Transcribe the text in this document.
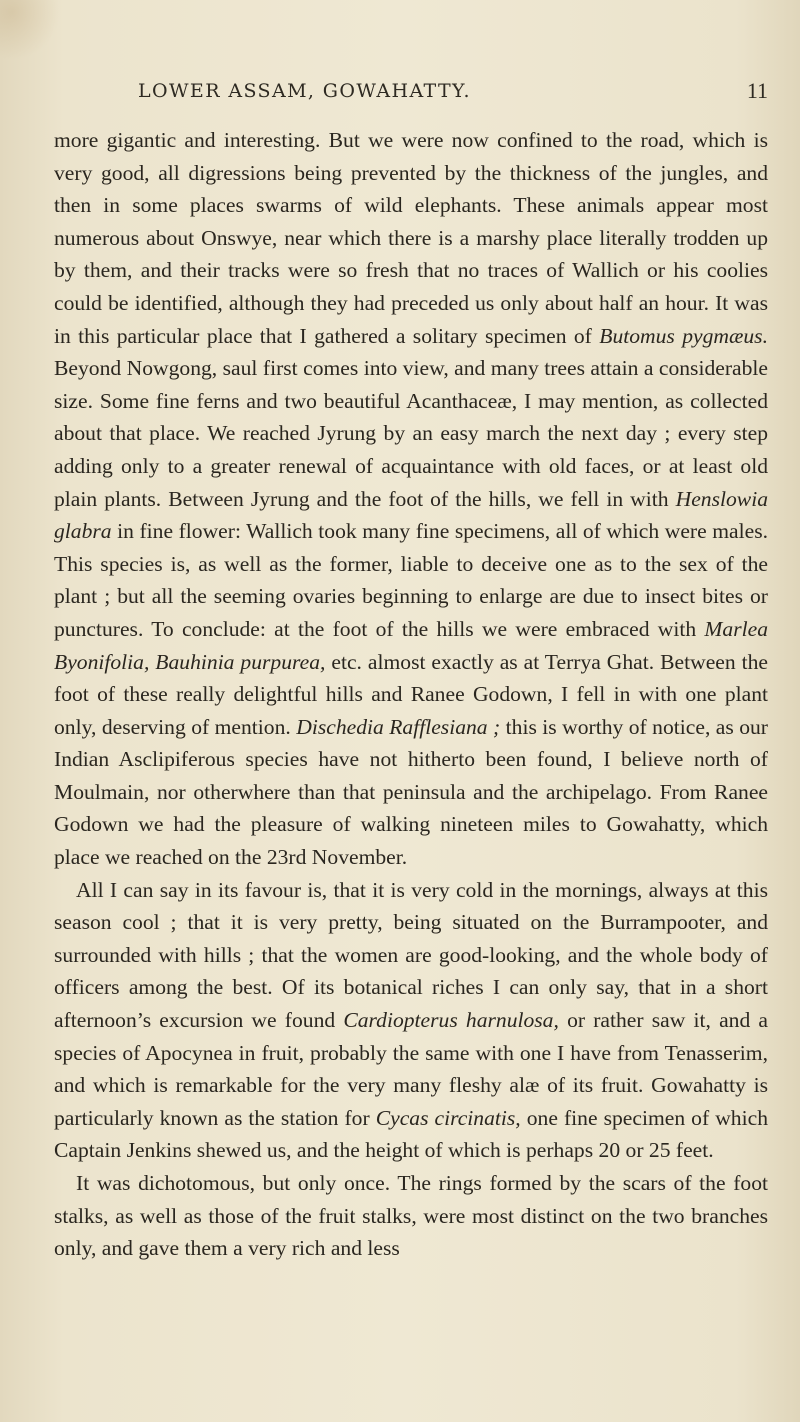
LOWER ASSAM, GOWAHATTY.	11

more gigantic and interesting. But we were now confined to the road, which is very good, all digressions being prevented by the thickness of the jungles, and then in some places swarms of wild elephants. These animals appear most numerous about Onswye, near which there is a marshy place literally trodden up by them, and their tracks were so fresh that no traces of Wallich or his coolies could be identified, although they had preceded us only about half an hour. It was in this particular place that I gathered a solitary specimen of Butomus pygmæus. Beyond Nowgong, saul first comes into view, and many trees attain a considerable size. Some fine ferns and two beautiful Acanthaceæ, I may mention, as collected about that place. We reached Jyrung by an easy march the next day ; every step adding only to a greater renewal of acquaintance with old faces, or at least old plain plants. Between Jyrung and the foot of the hills, we fell in with Henslowia glabra in fine flower: Wallich took many fine specimens, all of which were males. This species is, as well as the former, liable to deceive one as to the sex of the plant ; but all the seeming ovaries beginning to enlarge are due to insect bites or punctures. To conclude: at the foot of the hills we were embraced with Marlea Byonifolia, Bauhinia purpurea, etc. almost exactly as at Terrya Ghat. Between the foot of these really delightful hills and Ranee Godown, I fell in with one plant only, deserving of mention. Dischedia Rafflesiana ; this is worthy of notice, as our Indian Asclipiferous species have not hitherto been found, I believe north of Moulmain, nor otherwhere than that peninsula and the archipelago. From Ranee Godown we had the pleasure of walking nineteen miles to Gowahatty, which place we reached on the 23rd November.

All I can say in its favour is, that it is very cold in the mornings, always at this season cool ; that it is very pretty, being situated on the Burrampooter, and surrounded with hills ; that the women are good-looking, and the whole body of officers among the best. Of its botanical riches I can only say, that in a short afternoon’s excursion we found Cardiopterus harnulosa, or rather saw it, and a species of Apocynea in fruit, probably the same with one I have from Tenasserim, and which is remarkable for the very many fleshy alæ of its fruit. Gowahatty is particularly known as the station for Cycas circinatis, one fine specimen of which Captain Jenkins shewed us, and the height of which is perhaps 20 or 25 feet.

It was dichotomous, but only once. The rings formed by the scars of the foot stalks, as well as those of the fruit stalks, were most distinct on the two branches only, and gave them a very rich and less
